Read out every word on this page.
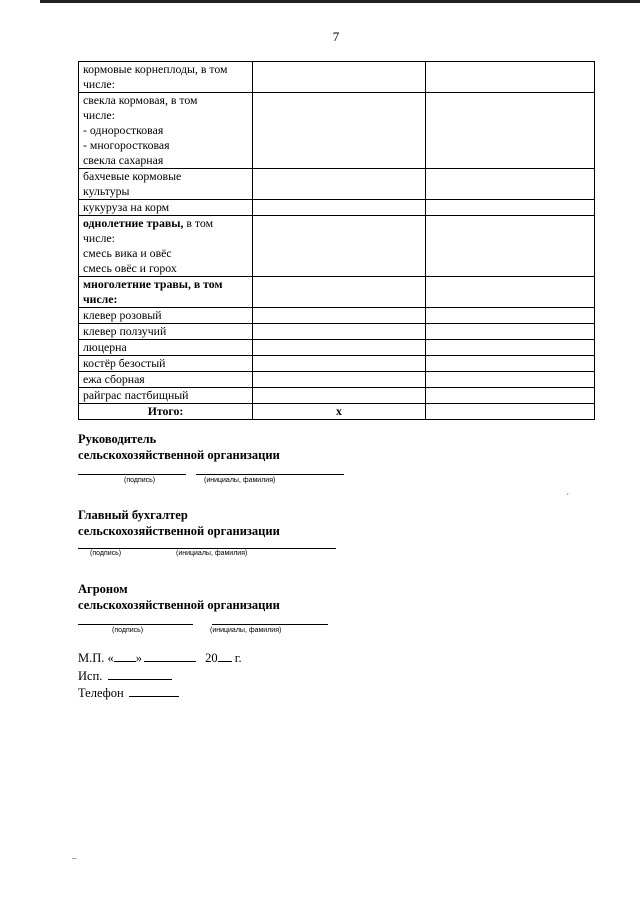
7
кормовые корнеплоды, в том
числе:		

свекла кормовая, в том
числе:
- одноростковая
- многоростковая
свекла сахарная		

бахчевые кормовые
культуры		

кукуруза на корм		

однолетние травы, в том
числе:
смесь вика и овёс
смесь овёс и горох		

многолетние травы, в том
числе:		

клевер розовый		

клевер ползучий		

люцерна		

костёр безостый		

ежа сборная		

райграс пастбищный		

Итого:	x	
Руководитель
сельскохозяйственной организации
(подпись)	(инициалы, фамилия)
Главный бухгалтер
сельскохозяйственной организации
(подпись)	(инициалы, фамилия)
Агроном
сельскохозяйственной организации
(подпись)	(инициалы, фамилия)
М.П. « »	20 г.
Исп.
Телефон
´
–
